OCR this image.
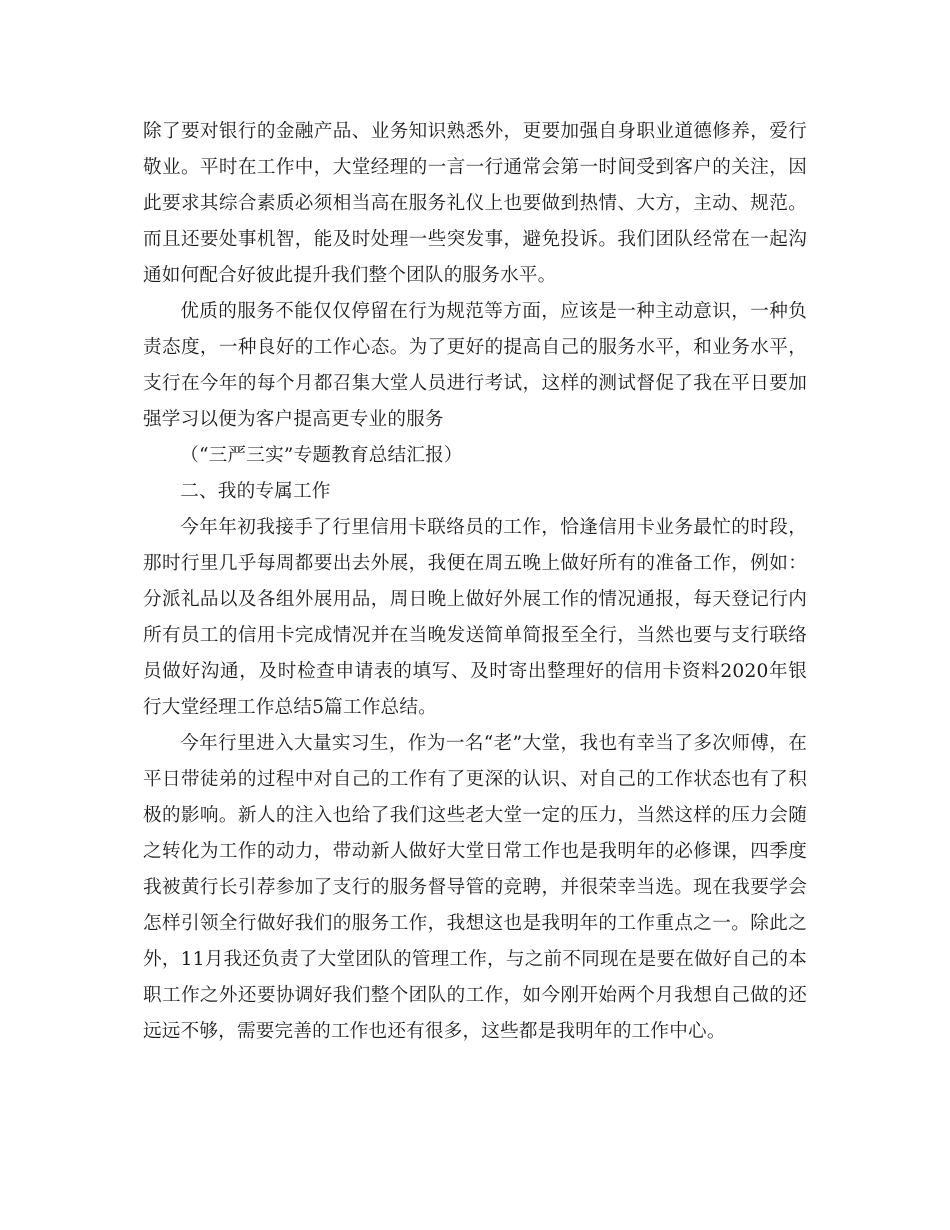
除了要对银行的金融产品、业务知识熟悉外，更要加强自身职业道德修养，爱行敬业。平时在工作中，大堂经理的一言一行通常会第一时间受到客户的关注，因此要求其综合素质必须相当高在服务礼仪上也要做到热情、大方，主动、规范。而且还要处事机智，能及时处理一些突发事，避免投诉。我们团队经常在一起沟通如何配合好彼此提升我们整个团队的服务水平。

优质的服务不能仅仅停留在行为规范等方面，应该是一种主动意识，一种负责态度，一种良好的工作心态。为了更好的提高自己的服务水平，和业务水平，支行在今年的每个月都召集大堂人员进行考试，这样的测试督促了我在平日要加强学习以便为客户提高更专业的服务

（“三严三实”专题教育总结汇报）

二、我的专属工作

今年年初我接手了行里信用卡联络员的工作，恰逢信用卡业务最忙的时段，那时行里几乎每周都要出去外展，我便在周五晚上做好所有的准备工作，例如：分派礼品以及各组外展用品，周日晚上做好外展工作的情况通报，每天登记行内所有员工的信用卡完成情况并在当晚发送简单简报至全行，当然也要与支行联络员做好沟通，及时检查申请表的填写、及时寄出整理好的信用卡资料2020年银行大堂经理工作总结5篇工作总结。

今年行里进入大量实习生，作为一名“老”大堂，我也有幸当了多次师傅，在平日带徒弟的过程中对自己的工作有了更深的认识、对自己的工作状态也有了积极的影响。新人的注入也给了我们这些老大堂一定的压力，当然这样的压力会随之转化为工作的动力，带动新人做好大堂日常工作也是我明年的必修课，四季度我被黄行长引荐参加了支行的服务督导管的竞聘，并很荣幸当选。现在我要学会怎样引领全行做好我们的服务工作，我想这也是我明年的工作重点之一。除此之外，11月我还负责了大堂团队的管理工作，与之前不同现在是要在做好自己的本职工作之外还要协调好我们整个团队的工作，如今刚开始两个月我想自己做的还远远不够，需要完善的工作也还有很多，这些都是我明年的工作中心。
